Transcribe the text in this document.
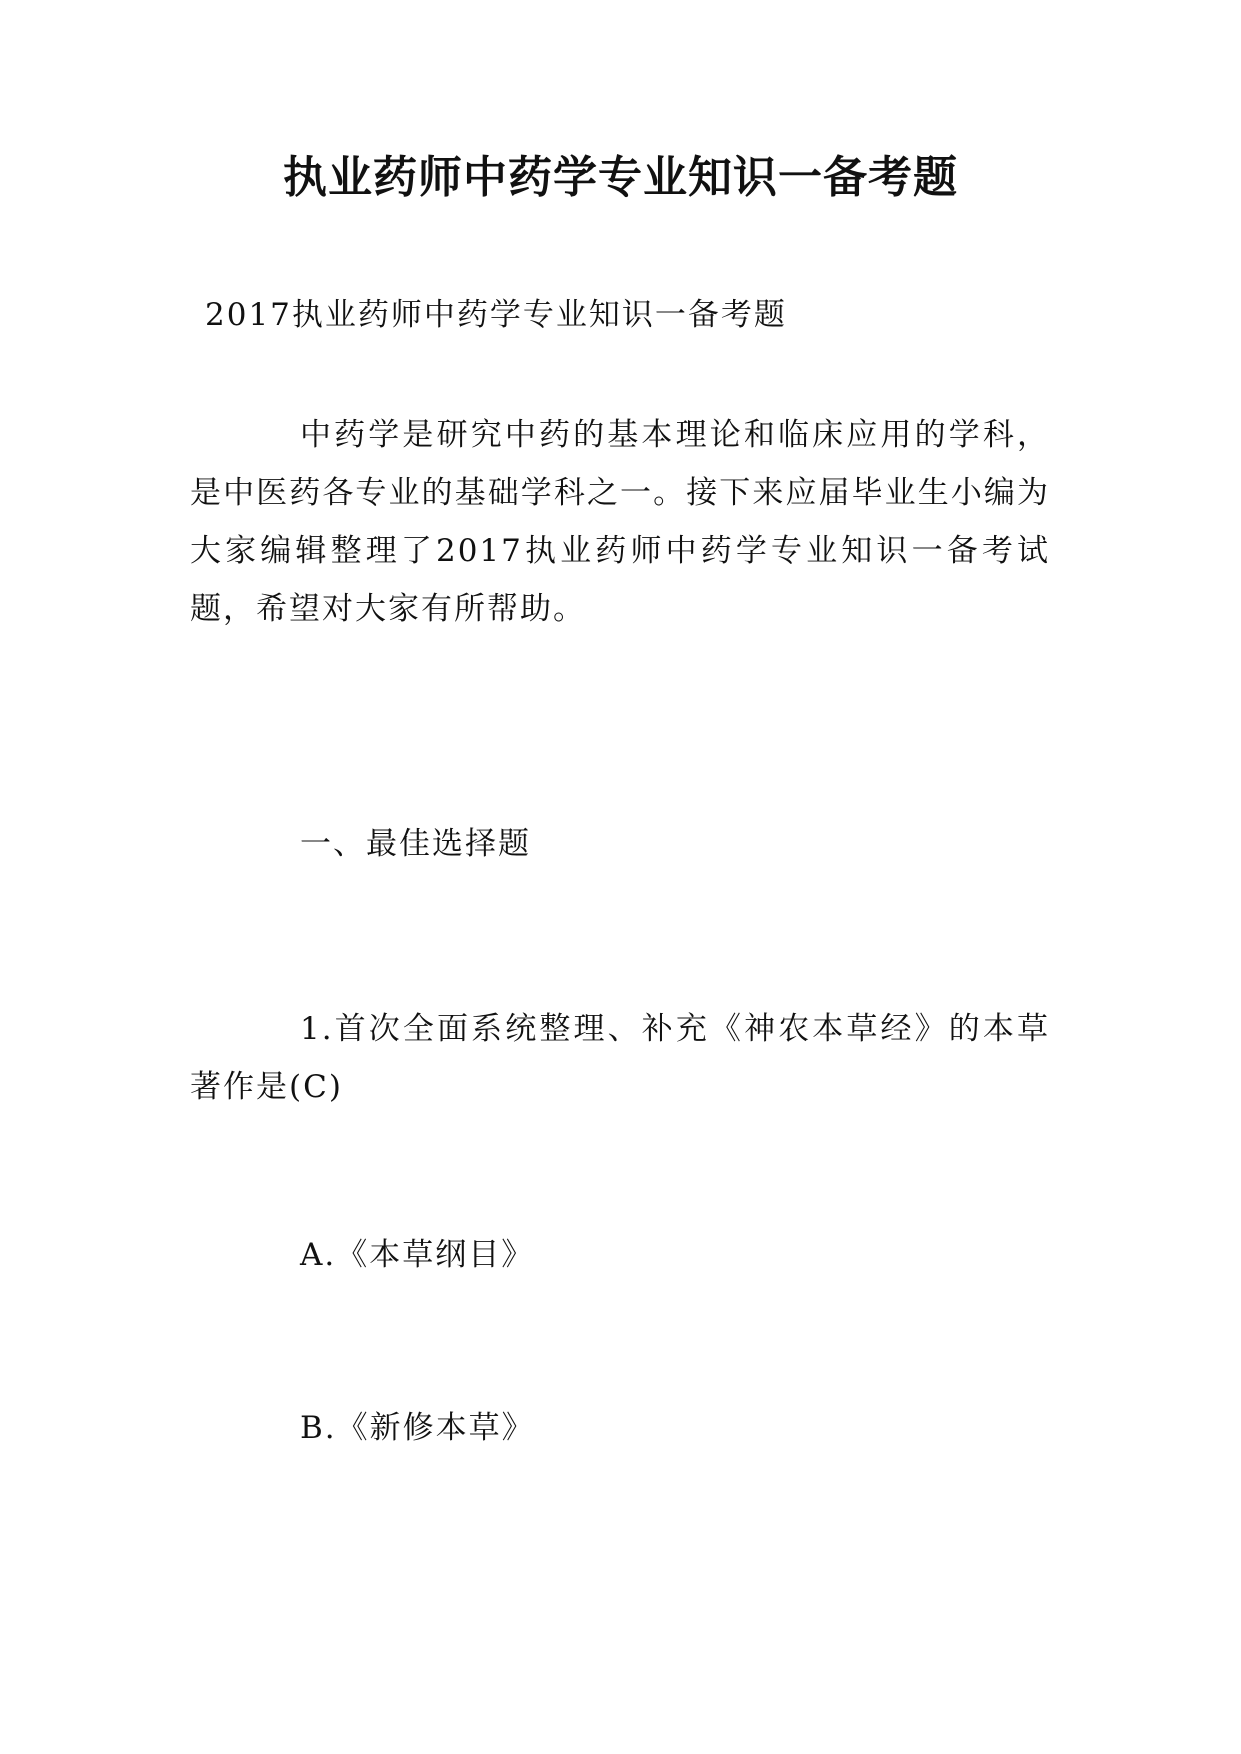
执业药师中药学专业知识一备考题
2017执业药师中药学专业知识一备考题

中药学是研究中药的基本理论和临床应用的学科，是中医药各专业的基础学科之一。接下来应届毕业生小编为大家编辑整理了2017执业药师中药学专业知识一备考试题，希望对大家有所帮助。

一、最佳选择题

1.首次全面系统整理、补充《神农本草经》的本草著作是(C)

A.《本草纲目》
B.《新修本草》
